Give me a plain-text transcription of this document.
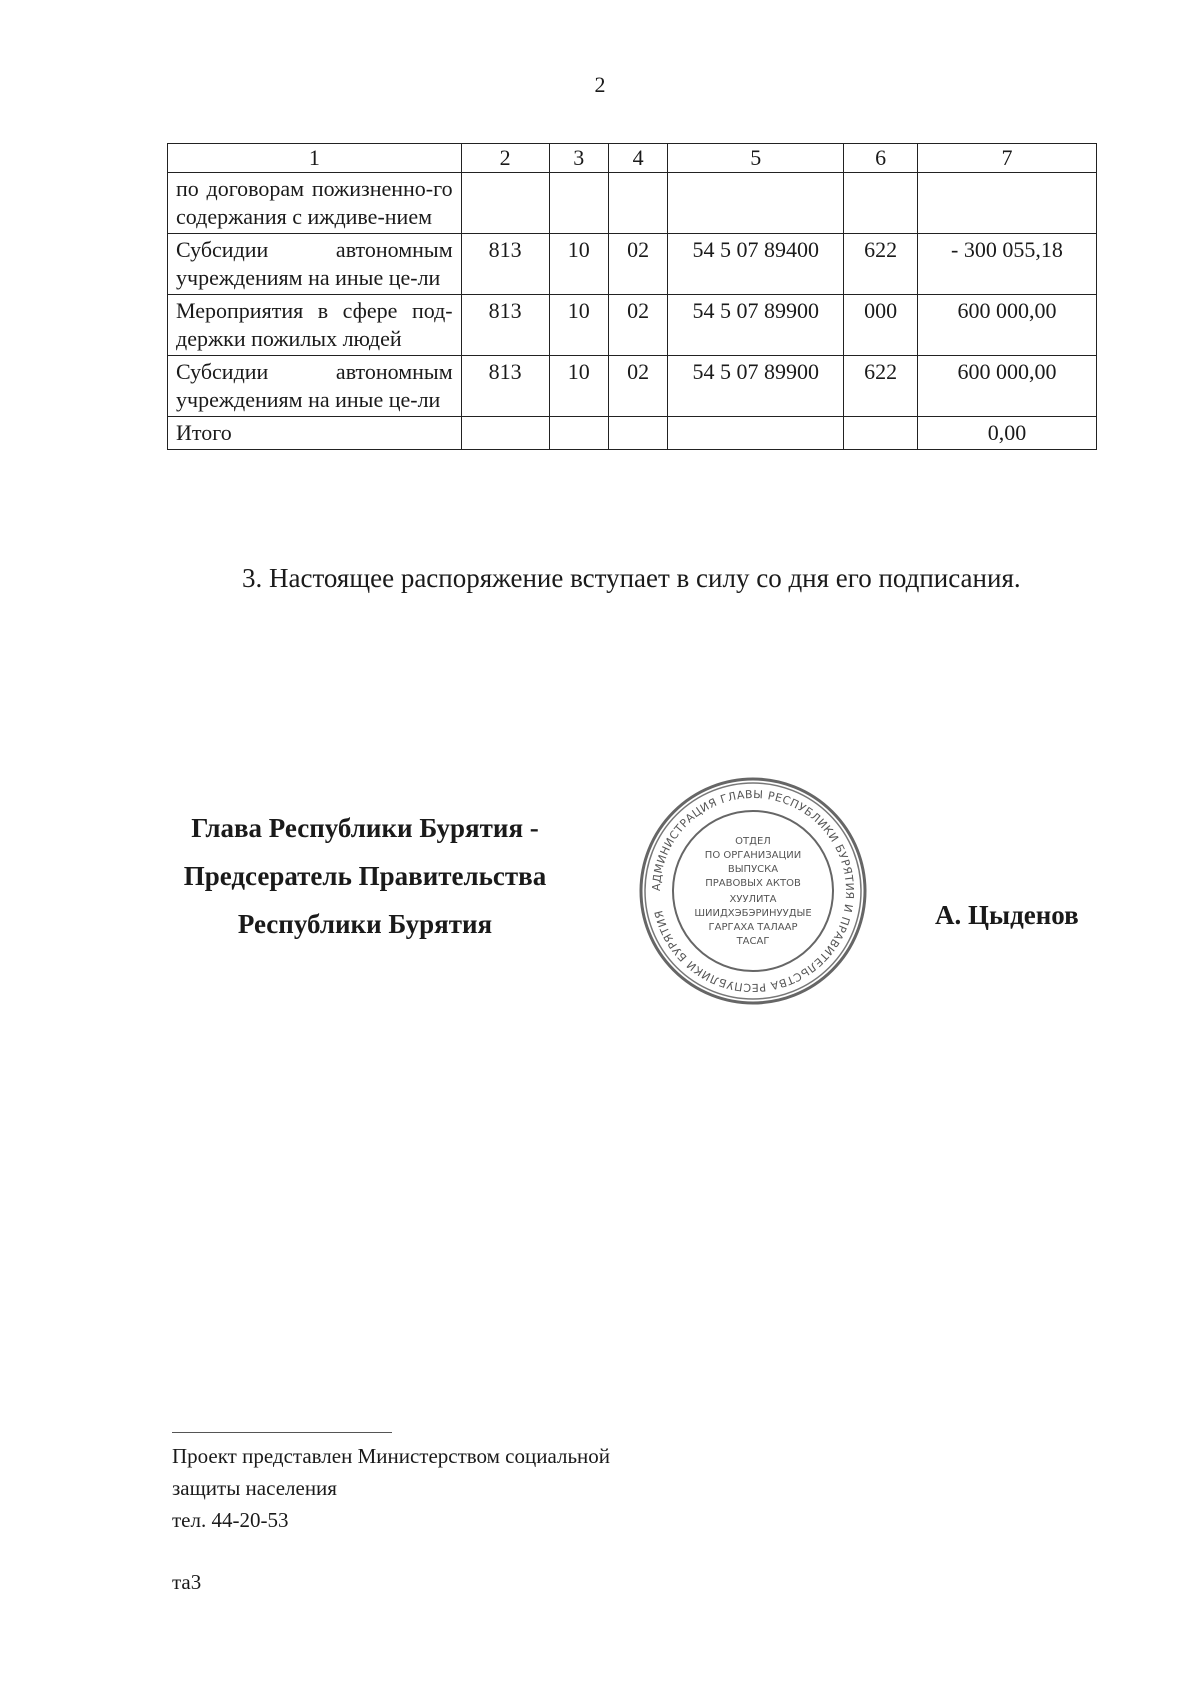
2
1	2	3	4	5	6	7
по договорам пожизненно-го содержания с иждиве-нием						
Субсидии автономным учреждениям на иные це-ли	813	10	02	54 5 07 89400	622	- 300 055,18
Мероприятия в сфере под-держки пожилых людей	813	10	02	54 5 07 89900	000	600 000,00
Субсидии автономным учреждениям на иные це-ли	813	10	02	54 5 07 89900	622	600 000,00
Итого						0,00
3. Настоящее распоряжение вступает в силу со дня его подписания.
Глава Республики Бурятия -
Предсератель Правительства
Республики Бурятия
АДМИНИСТРАЦИЯ ГЛАВЫ РЕСПУБЛИКИ БУРЯТИЯ И ПРАВИТЕЛЬСТВА РЕСПУБЛИКИ БУРЯТИЯ
ОТДЕЛ
ПО ОРГАНИЗАЦИИ
ВЫПУСКА
ПРАВОВЫХ АКТОВ
ХУУЛИТА
ШИИДХЭБЭРИНУУДЫЕ
ГАРГАХА ТАЛААР
ТАСАГ
А. Цыденов
Проект представлен Министерством социальной
защиты населения
тел. 44-20-53
та3
